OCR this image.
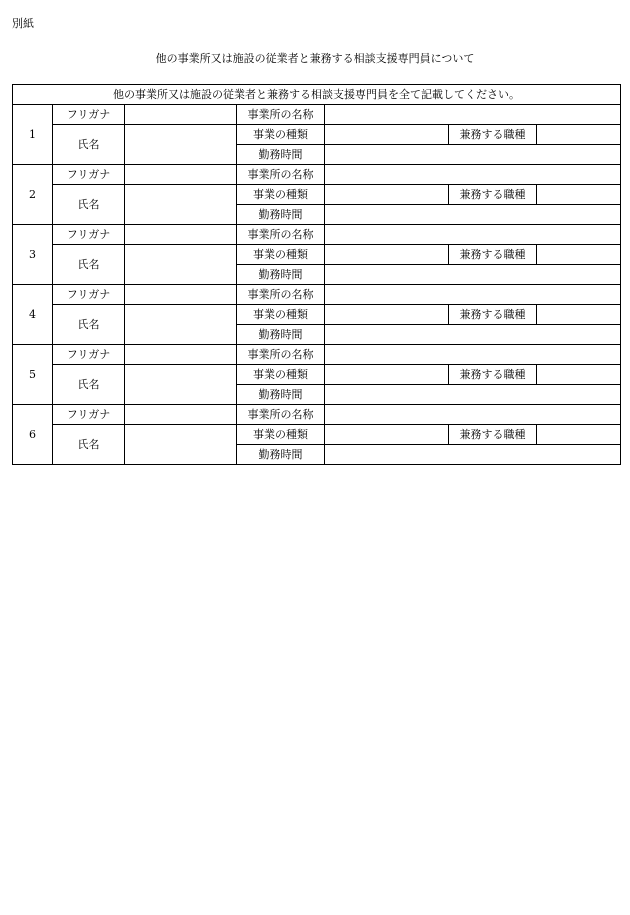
別紙
他の事業所又は施設の従業者と兼務する相談支援専門員について
他の事業所又は施設の従業者と兼務する相談支援専門員を全て記載してください。						
1	フリガナ		事業所の名称			
	氏名		事業の種類		兼務する職種	
			勤務時間			
2	フリガナ		事業所の名称			
	氏名		事業の種類		兼務する職種	
			勤務時間			
3	フリガナ		事業所の名称			
	氏名		事業の種類		兼務する職種	
			勤務時間			
4	フリガナ		事業所の名称			
	氏名		事業の種類		兼務する職種	
			勤務時間			
5	フリガナ		事業所の名称			
	氏名		事業の種類		兼務する職種	
			勤務時間			
6	フリガナ		事業所の名称			
	氏名		事業の種類		兼務する職種	
			勤務時間			
